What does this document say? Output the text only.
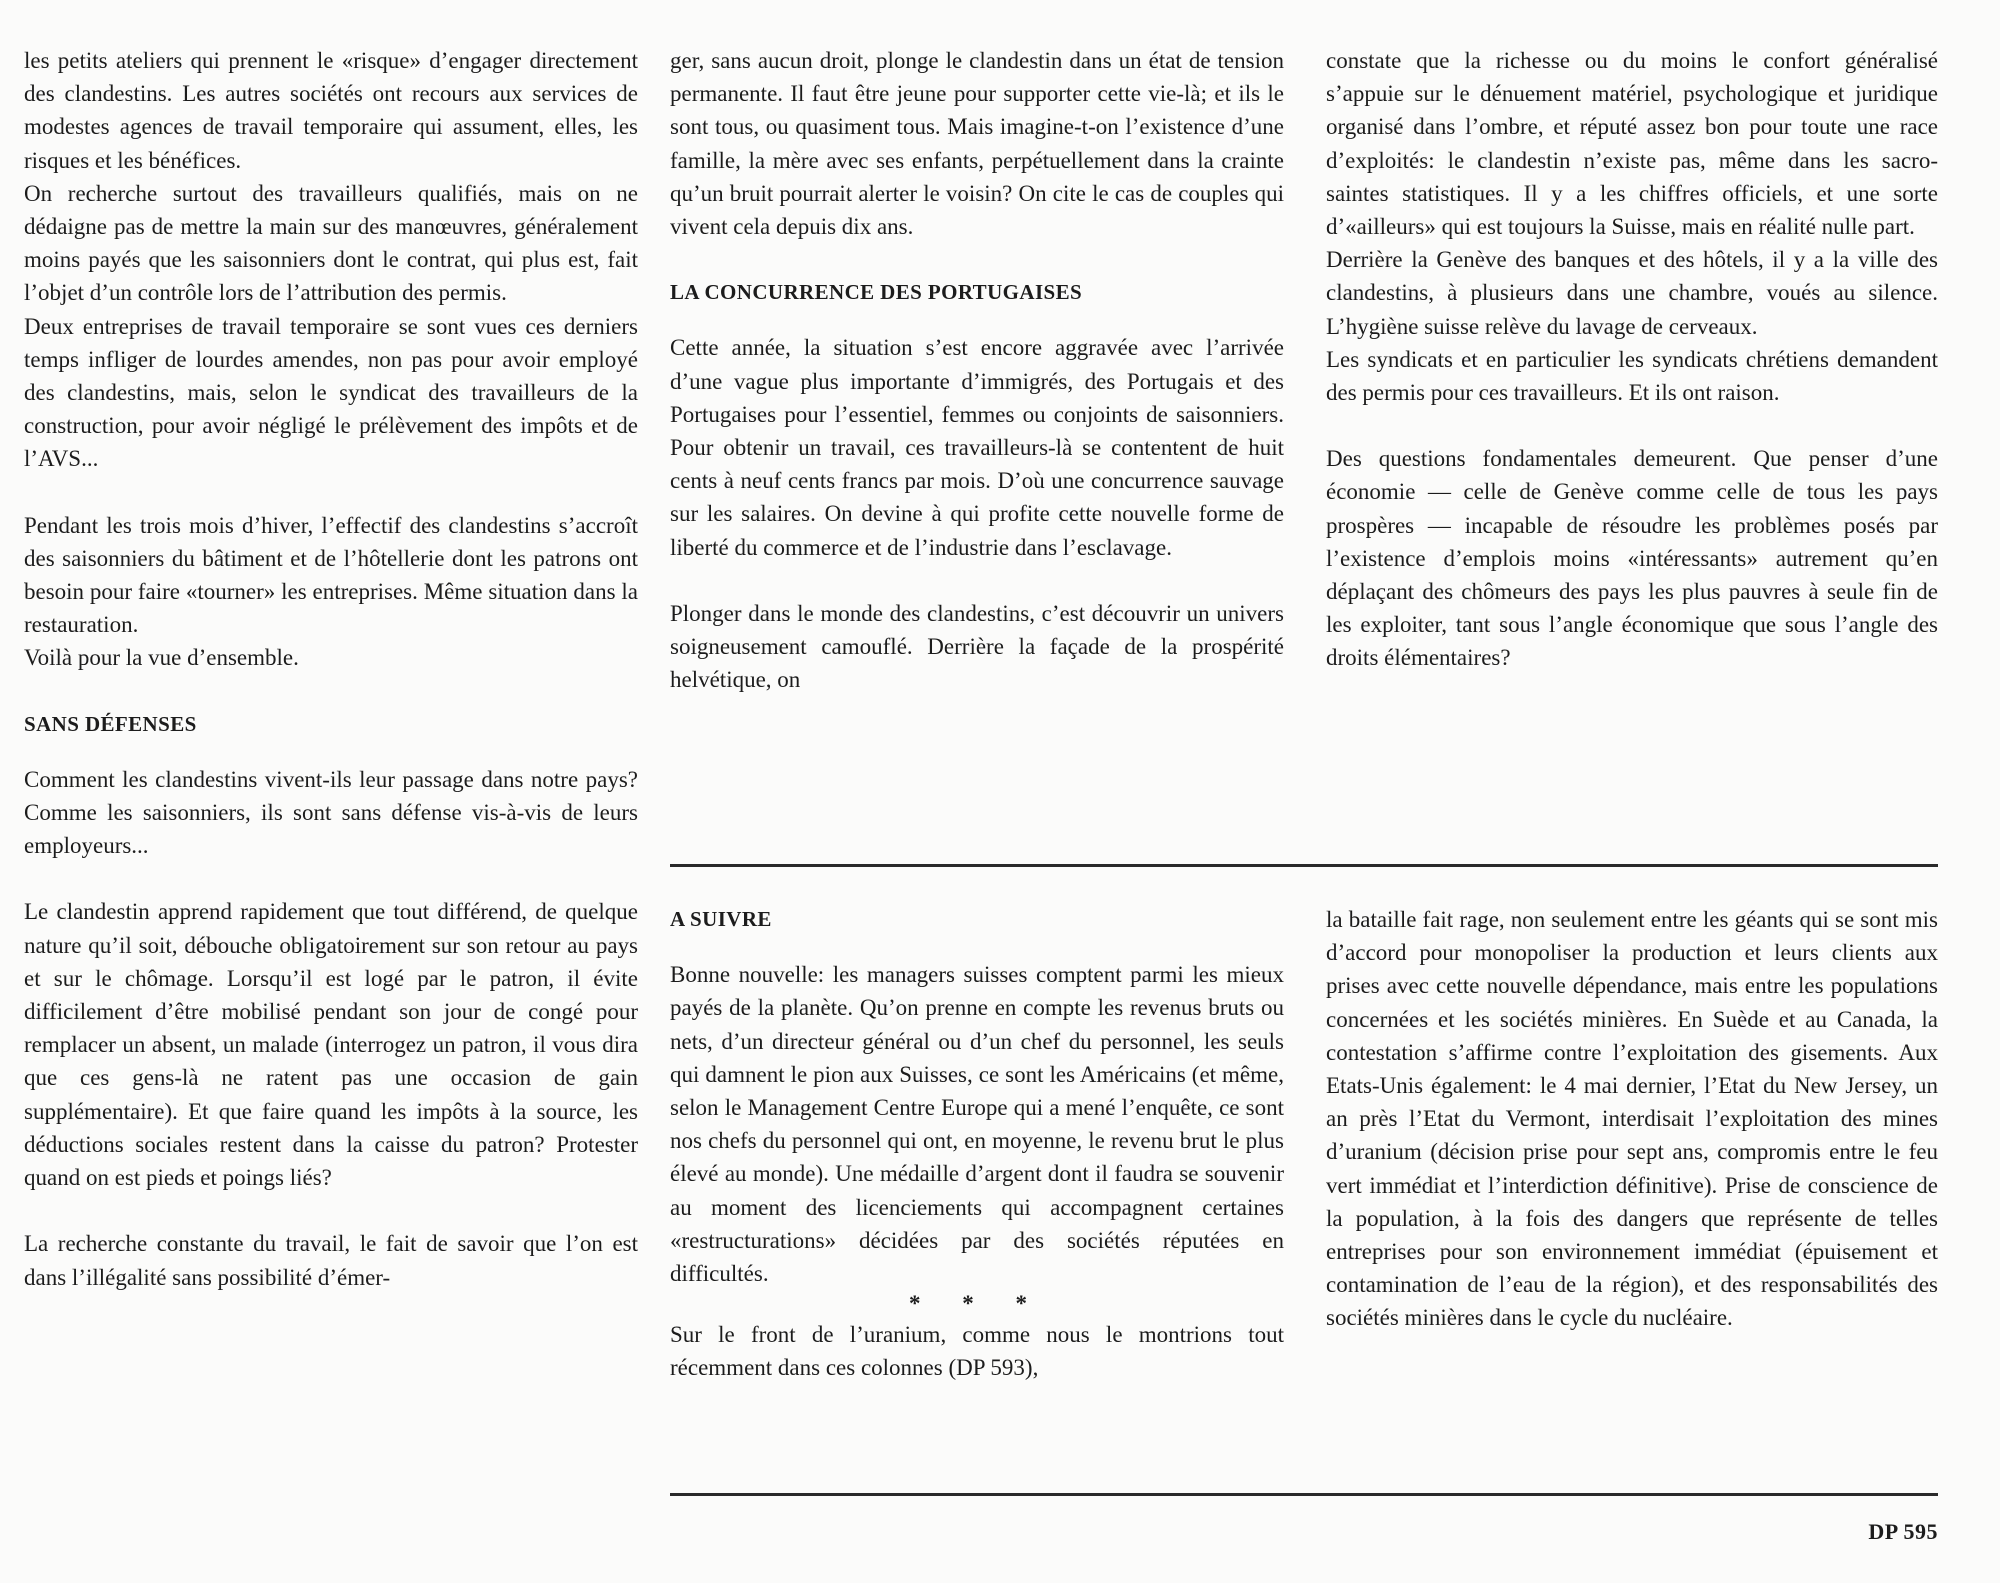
les petits ateliers qui prennent le «risque» d’engager directement des clandestins. Les autres sociétés ont recours aux services de modestes agences de travail temporaire qui assument, elles, les risques et les bénéfices.

On recherche surtout des travailleurs qualifiés, mais on ne dédaigne pas de mettre la main sur des manœuvres, généralement moins payés que les saisonniers dont le contrat, qui plus est, fait l’objet d’un contrôle lors de l’attribution des permis.

Deux entreprises de travail temporaire se sont vues ces derniers temps infliger de lourdes amendes, non pas pour avoir employé des clandestins, mais, selon le syndicat des travailleurs de la construction, pour avoir négligé le prélèvement des impôts et de l’AVS...

Pendant les trois mois d’hiver, l’effectif des clandestins s’accroît des saisonniers du bâtiment et de l’hôtellerie dont les patrons ont besoin pour faire «tourner» les entreprises. Même situation dans la restauration.

Voilà pour la vue d’ensemble.

SANS DÉFENSES

Comment les clandestins vivent-ils leur passage dans notre pays? Comme les saisonniers, ils sont sans défense vis-à-vis de leurs employeurs...

Le clandestin apprend rapidement que tout différend, de quelque nature qu’il soit, débouche obligatoirement sur son retour au pays et sur le chômage. Lorsqu’il est logé par le patron, il évite difficilement d’être mobilisé pendant son jour de congé pour remplacer un absent, un malade (interrogez un patron, il vous dira que ces gens-là ne ratent pas une occasion de gain supplémentaire). Et que faire quand les impôts à la source, les déductions sociales restent dans la caisse du patron? Protester quand on est pieds et poings liés?

La recherche constante du travail, le fait de savoir que l’on est dans l’illégalité sans possibilité d’émer-

ger, sans aucun droit, plonge le clandestin dans un état de tension permanente. Il faut être jeune pour supporter cette vie-là; et ils le sont tous, ou quasiment tous. Mais imagine-t-on l’existence d’une famille, la mère avec ses enfants, perpétuellement dans la crainte qu’un bruit pourrait alerter le voisin? On cite le cas de couples qui vivent cela depuis dix ans.

LA CONCURRENCE DES PORTUGAISES

Cette année, la situation s’est encore aggravée avec l’arrivée d’une vague plus importante d’immigrés, des Portugais et des Portugaises pour l’essentiel, femmes ou conjoints de saisonniers. Pour obtenir un travail, ces travailleurs-là se contentent de huit cents à neuf cents francs par mois. D’où une concurrence sauvage sur les salaires. On devine à qui profite cette nouvelle forme de liberté du commerce et de l’industrie dans l’esclavage.

Plonger dans le monde des clandestins, c’est découvrir un univers soigneusement camouflé. Derrière la façade de la prospérité helvétique, on

constate que la richesse ou du moins le confort généralisé s’appuie sur le dénuement matériel, psychologique et juridique organisé dans l’ombre, et réputé assez bon pour toute une race d’exploités: le clandestin n’existe pas, même dans les sacro-saintes statistiques. Il y a les chiffres officiels, et une sorte d’«ailleurs» qui est toujours la Suisse, mais en réalité nulle part.

Derrière la Genève des banques et des hôtels, il y a la ville des clandestins, à plusieurs dans une chambre, voués au silence. L’hygiène suisse relève du lavage de cerveaux.

Les syndicats et en particulier les syndicats chrétiens demandent des permis pour ces travailleurs. Et ils ont raison.

Des questions fondamentales demeurent. Que penser d’une économie — celle de Genève comme celle de tous les pays prospères — incapable de résoudre les problèmes posés par l’existence d’emplois moins «intéressants» autrement qu’en déplaçant des chômeurs des pays les plus pauvres à seule fin de les exploiter, tant sous l’angle économique que sous l’angle des droits élémentaires?

A SUIVRE

Bonne nouvelle: les managers suisses comptent parmi les mieux payés de la planète. Qu’on prenne en compte les revenus bruts ou nets, d’un directeur général ou d’un chef du personnel, les seuls qui damnent le pion aux Suisses, ce sont les Américains (et même, selon le Management Centre Europe qui a mené l’enquête, ce sont nos chefs du personnel qui ont, en moyenne, le revenu brut le plus élevé au monde). Une médaille d’argent dont il faudra se souvenir au moment des licenciements qui accompagnent certaines «restructurations» décidées par des sociétés réputées en difficultés.

* * *

Sur le front de l’uranium, comme nous le montrions tout récemment dans ces colonnes (DP 593),

la bataille fait rage, non seulement entre les géants qui se sont mis d’accord pour monopoliser la production et leurs clients aux prises avec cette nouvelle dépendance, mais entre les populations concernées et les sociétés minières. En Suède et au Canada, la contestation s’affirme contre l’exploitation des gisements. Aux Etats-Unis également: le 4 mai dernier, l’Etat du New Jersey, un an près l’Etat du Vermont, interdisait l’exploitation des mines d’uranium (décision prise pour sept ans, compromis entre le feu vert immédiat et l’interdiction définitive). Prise de conscience de la population, à la fois des dangers que représente de telles entreprises pour son environnement immédiat (épuisement et contamination de l’eau de la région), et des responsabilités des sociétés minières dans le cycle du nucléaire.

DP 595
